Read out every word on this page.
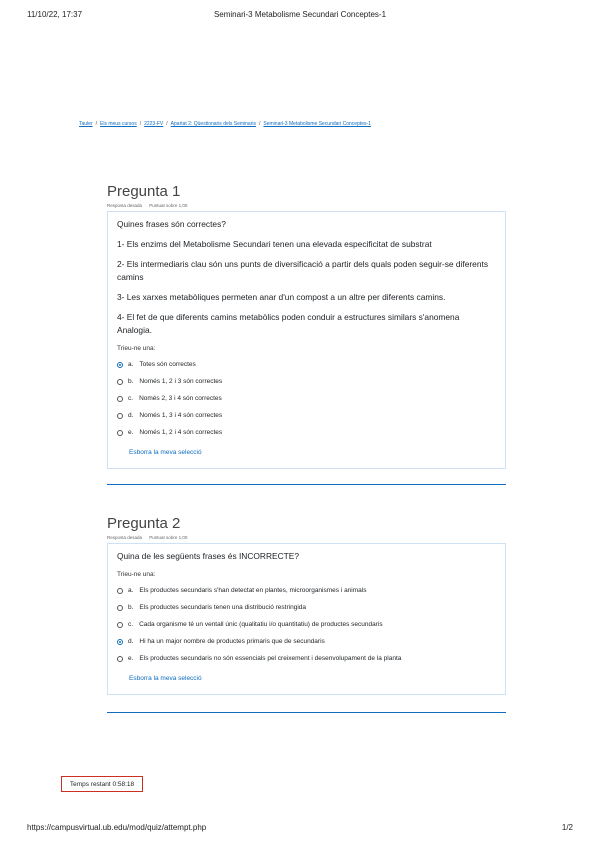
11/10/22, 17:37	Seminari-3 Metabolisme Secundari Conceptes-1
Tauler / Els meus cursos / 2223-FV / Apartat 2: Qüestionaris dels Seminaris / Seminari-3 Metabolisme Secundari Conceptes-1
Pregunta 1
Resposta desada Puntuat sobre 1,00

Quines frases són correctes?

1- Els enzims del Metabolisme Secundari tenen una elevada especificitat de substrat

2- Els intermediaris clau són uns punts de diversificació a partir dels quals poden seguir-se diferents camins

3- Les xarxes metabòliques permeten anar d'un compost a un altre per diferents camins.

4- El fet de que diferents camins metabòlics poden conduir a estructures similars s'anomena Analogia.

Trieu-ne una:
a. Totes són correctes
b. Només 1, 2 i 3 són correctes
c. Només 2, 3 i 4 són correctes
d. Només 1, 3 i 4 són correctes
e. Només 1, 2 i 4 són correctes
Esborra la meva selecció
Pregunta 2
Resposta desada Puntuat sobre 1,00

Quina de les següents frases és INCORRECTE?

Trieu-ne una:
a. Els productes secundaris s'han detectat en plantes, microorganismes i animals
b. Els productes secundaris tenen una distribució restringida
c. Cada organisme té un ventall únic (qualitatiu i/o quantitatiu) de productes secundaris
d. Hi ha un major nombre de productes primaris que de secundaris
e. Els productes secundaris no són essencials pel creixement i desenvolupament de la planta
Esborra la meva selecció
Temps restant 0:58:18
https://campusvirtual.ub.edu/mod/quiz/attempt.php	1/2
